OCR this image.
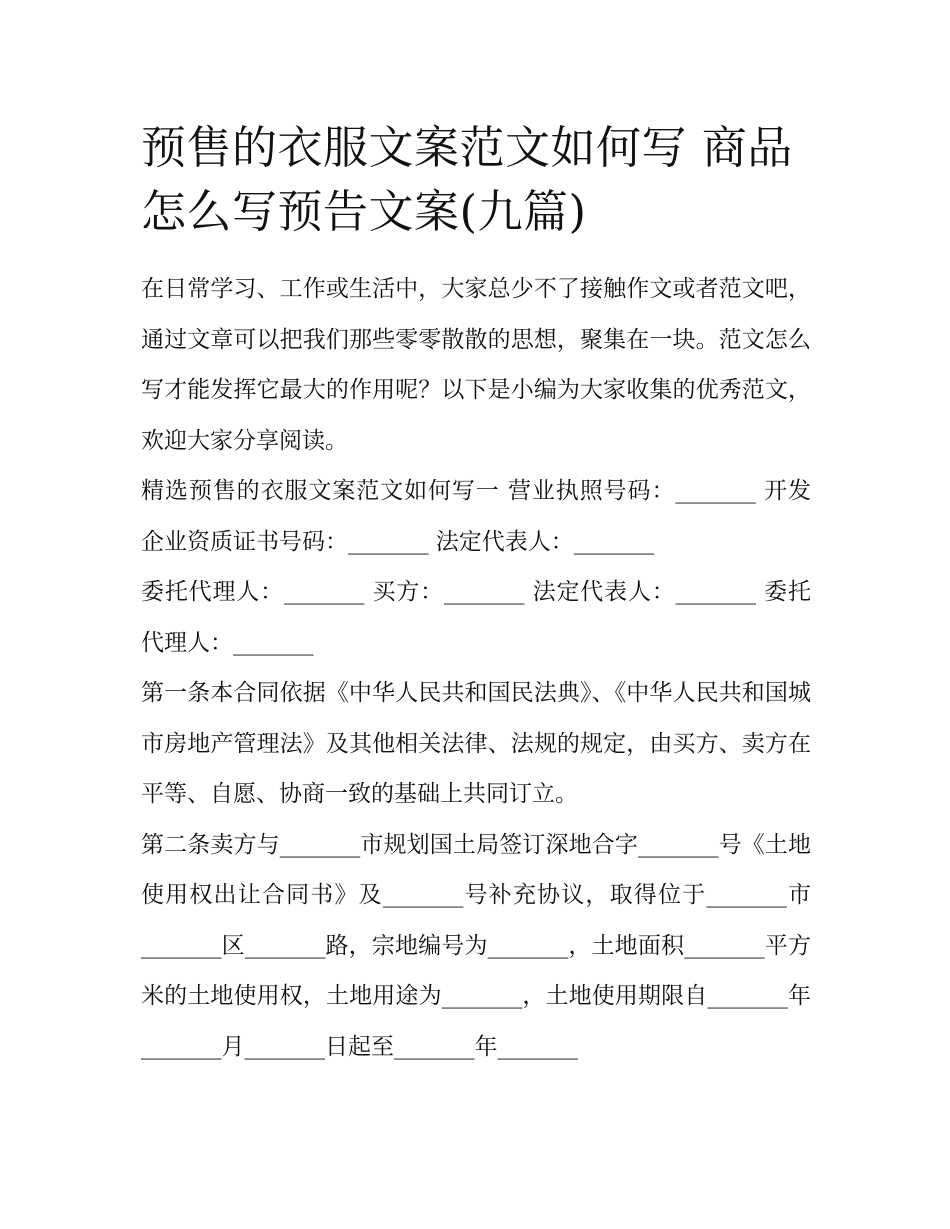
预售的衣服文案范文如何写 商品怎么写预告文案(九篇)

在日常学习、工作或生活中，大家总少不了接触作文或者范文吧，通过文章可以把我们那些零零散散的思想，聚集在一块。范文怎么写才能发挥它最大的作用呢？以下是小编为大家收集的优秀范文，欢迎大家分享阅读。

精选预售的衣服文案范文如何写一 营业执照号码：_______ 开发企业资质证书号码：_______ 法定代表人：_______

委托代理人：_______ 买方：_______ 法定代表人：_______ 委托代理人：_______

第一条本合同依据《中华人民共和国民法典》、《中华人民共和国城市房地产管理法》及其他相关法律、法规的规定，由买方、卖方在平等、自愿、协商一致的基础上共同订立。

第二条卖方与_______市规划国土局签订深地合字_______号《土地使用权出让合同书》及_______号补充协议，取得位于_______市_______区_______路，宗地编号为_______，土地面积_______平方米的土地使用权，土地用途为_______，土地使用期限自_______年_______月_______日起至_______年_______
